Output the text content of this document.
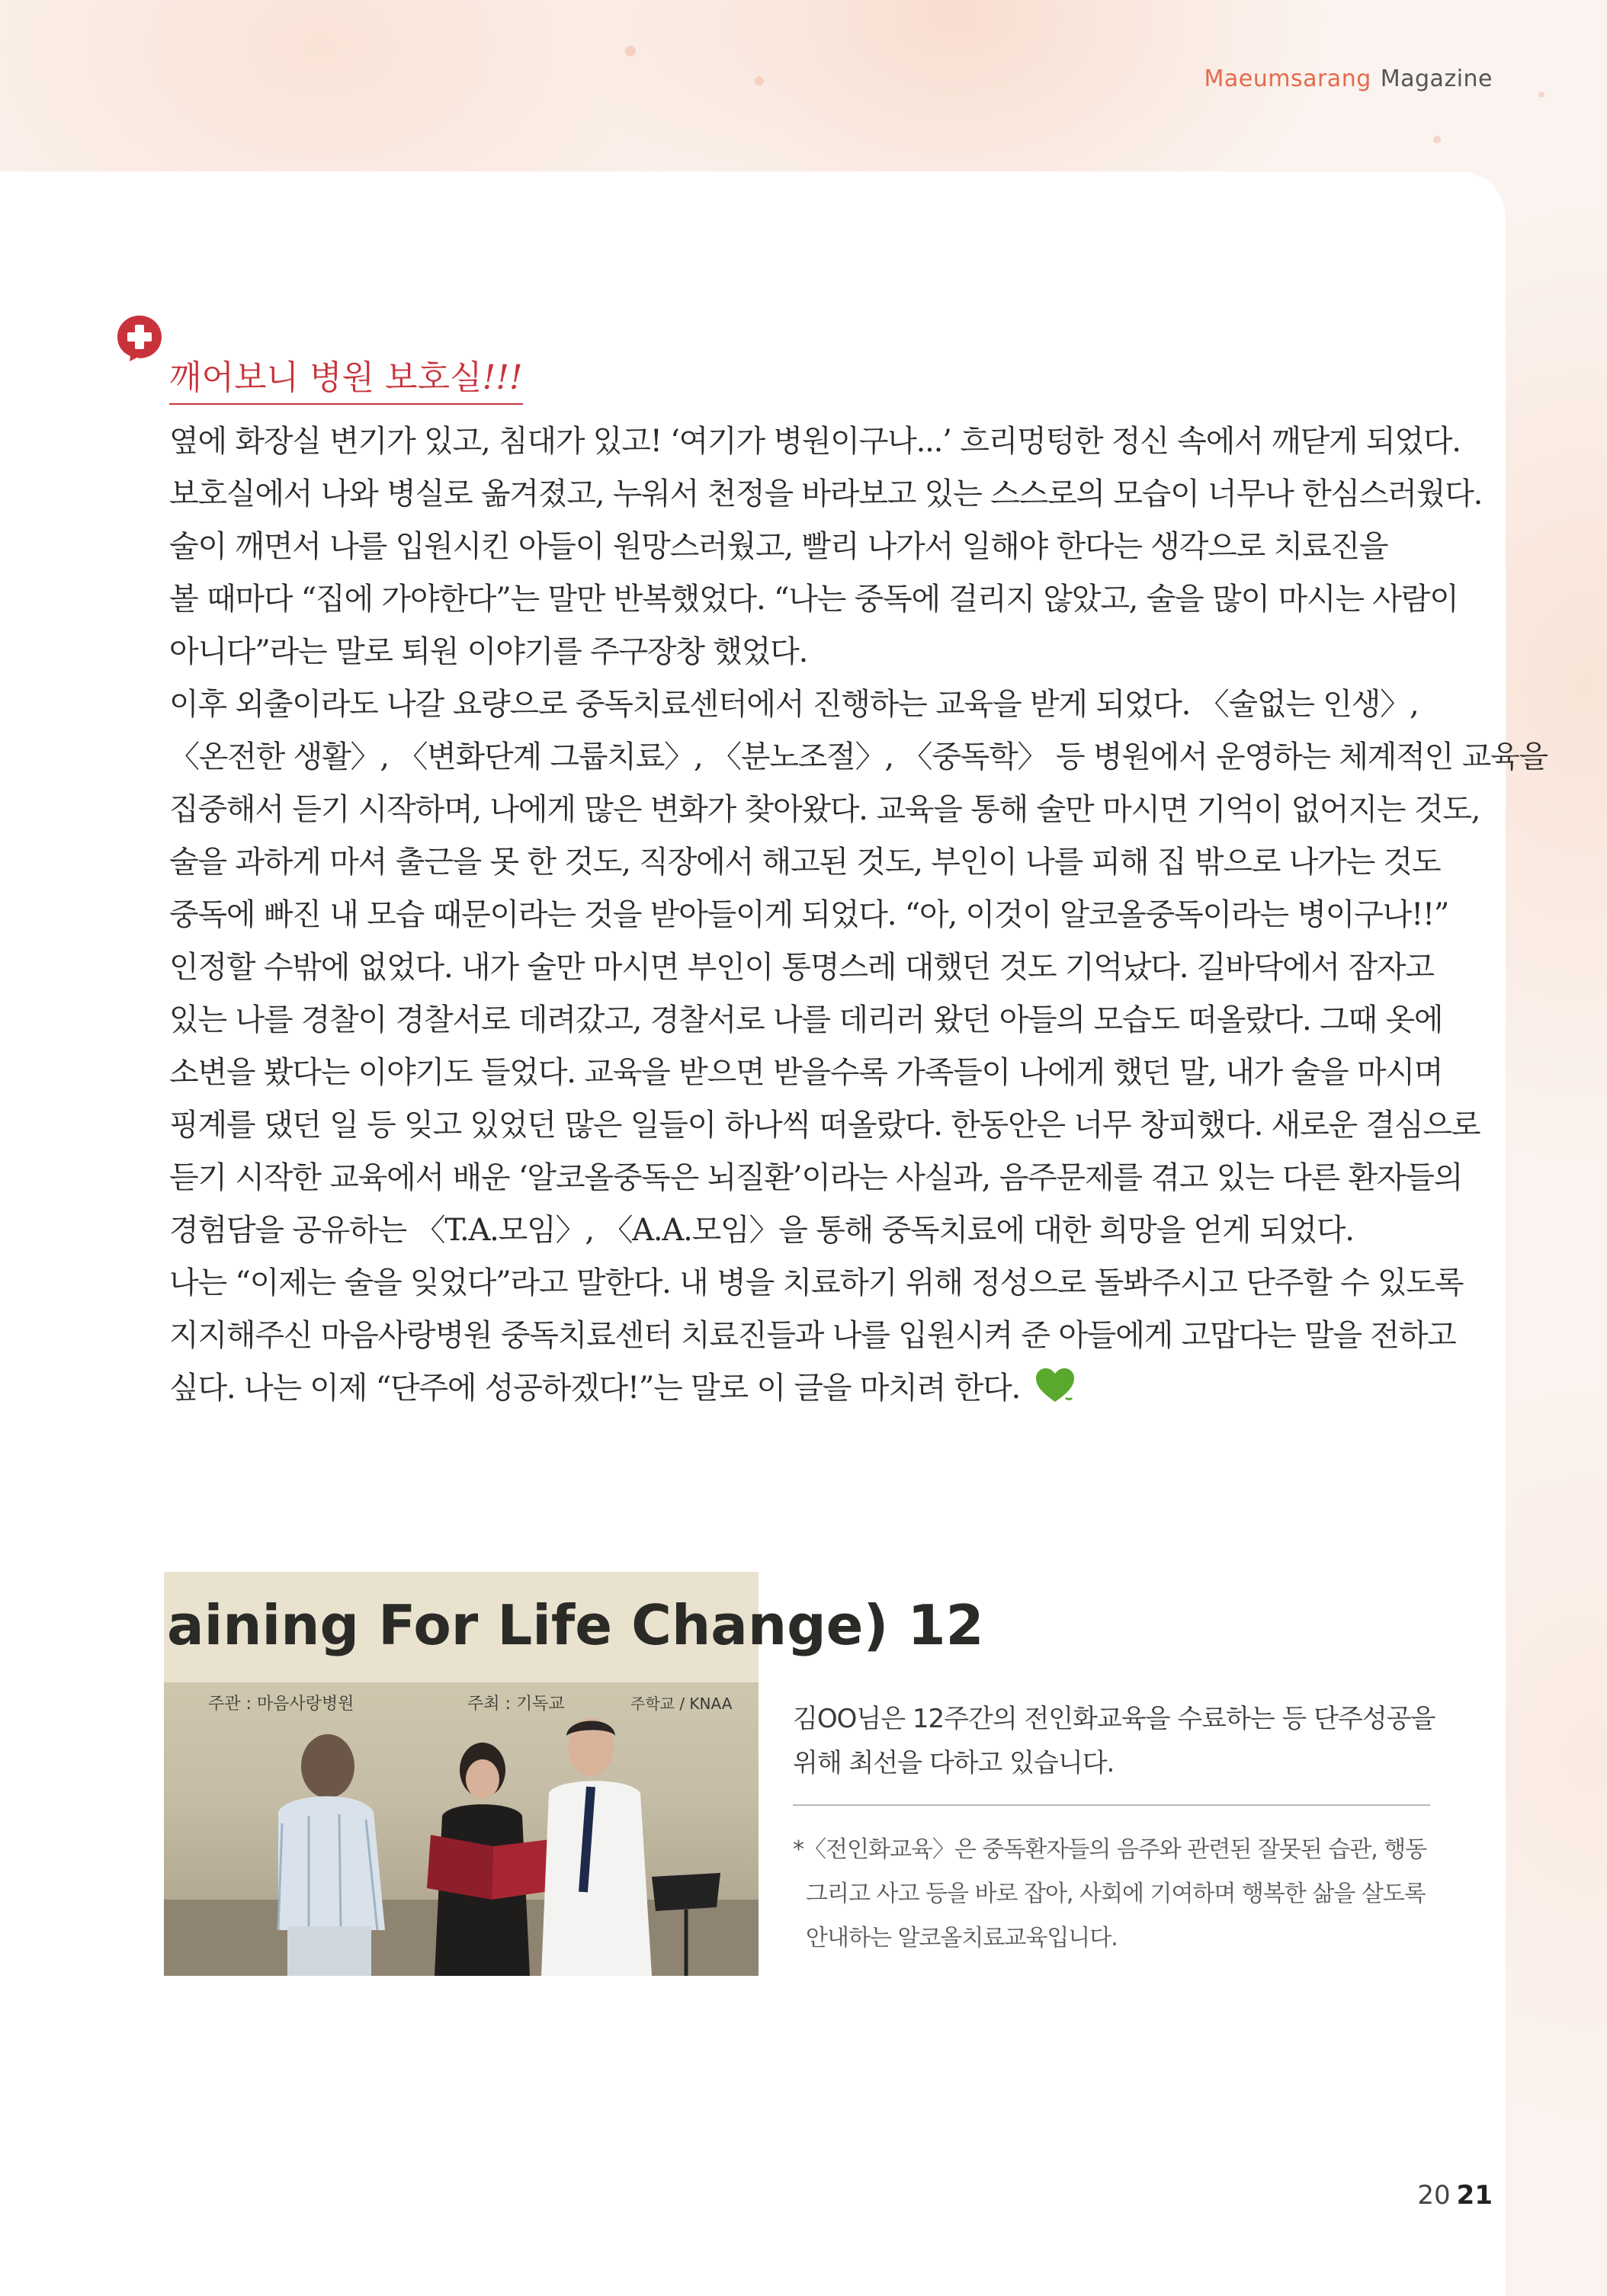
Maeumsarang Magazine
깨어보니 병원 보호실!!!
옆에 화장실 변기가 있고, 침대가 있고! ‘여기가 병원이구나...’ 흐리멍텅한 정신 속에서 깨닫게 되었다.
보호실에서 나와 병실로 옮겨졌고, 누워서 천정을 바라보고 있는 스스로의 모습이 너무나 한심스러웠다.
술이 깨면서 나를 입원시킨 아들이 원망스러웠고, 빨리 나가서 일해야 한다는 생각으로 치료진을
볼 때마다 “집에 가야한다”는 말만 반복했었다. “나는 중독에 걸리지 않았고, 술을 많이 마시는 사람이
아니다”라는 말로 퇴원 이야기를 주구장창 했었다.
이후 외출이라도 나갈 요량으로 중독치료센터에서 진행하는 교육을 받게 되었다. 〈술없는 인생〉,
〈온전한 생활〉, 〈변화단계 그룹치료〉, 〈분노조절〉, 〈중독학〉 등 병원에서 운영하는 체계적인 교육을
집중해서 듣기 시작하며, 나에게 많은 변화가 찾아왔다. 교육을 통해 술만 마시면 기억이 없어지는 것도,
술을 과하게 마셔 출근을 못 한 것도, 직장에서 해고된 것도, 부인이 나를 피해 집 밖으로 나가는 것도
중독에 빠진 내 모습 때문이라는 것을 받아들이게 되었다. “아, 이것이 알코올중독이라는 병이구나!!”
인정할 수밖에 없었다. 내가 술만 마시면 부인이 통명스레 대했던 것도 기억났다. 길바닥에서 잠자고
있는 나를 경찰이 경찰서로 데려갔고, 경찰서로 나를 데리러 왔던 아들의 모습도 떠올랐다. 그때 옷에
소변을 봤다는 이야기도 들었다. 교육을 받으면 받을수록 가족들이 나에게 했던 말, 내가 술을 마시며
핑계를 댔던 일 등 잊고 있었던 많은 일들이 하나씩 떠올랐다. 한동안은 너무 창피했다. 새로운 결심으로
듣기 시작한 교육에서 배운 ‘알코올중독은 뇌질환’이라는 사실과, 음주문제를 겪고 있는 다른 환자들의
경험담을 공유하는 〈T.A.모임〉, 〈A.A.모임〉을 통해 중독치료에 대한 희망을 얻게 되었다.
나는 “이제는 술을 잊었다”라고 말한다. 내 병을 치료하기 위해 정성으로 돌봐주시고 단주할 수 있도록
지지해주신 마음사랑병원 중독치료센터 치료진들과 나를 입원시켜 준 아들에게 고맙다는 말을 전하고
싶다. 나는 이제 “단주에 성공하겠다!”는 말로 이 글을 마치려 한다.
aining For Life Change) 12
주관 : 마음사랑병원	주최 : 기독교	주학교 / KNAA 김OO님은 12주간의 전인화교육을 수료하는 등 단주성공을
위해 최선을 다하고 있습니다.
*〈전인화교육〉은 중독환자들의 음주와 관련된 잘못된 습관, 행동
그리고 사고 등을 바로 잡아, 사회에 기여하며 행복한 삶을 살도록
안내하는 알코올치료교육입니다.
20 21
